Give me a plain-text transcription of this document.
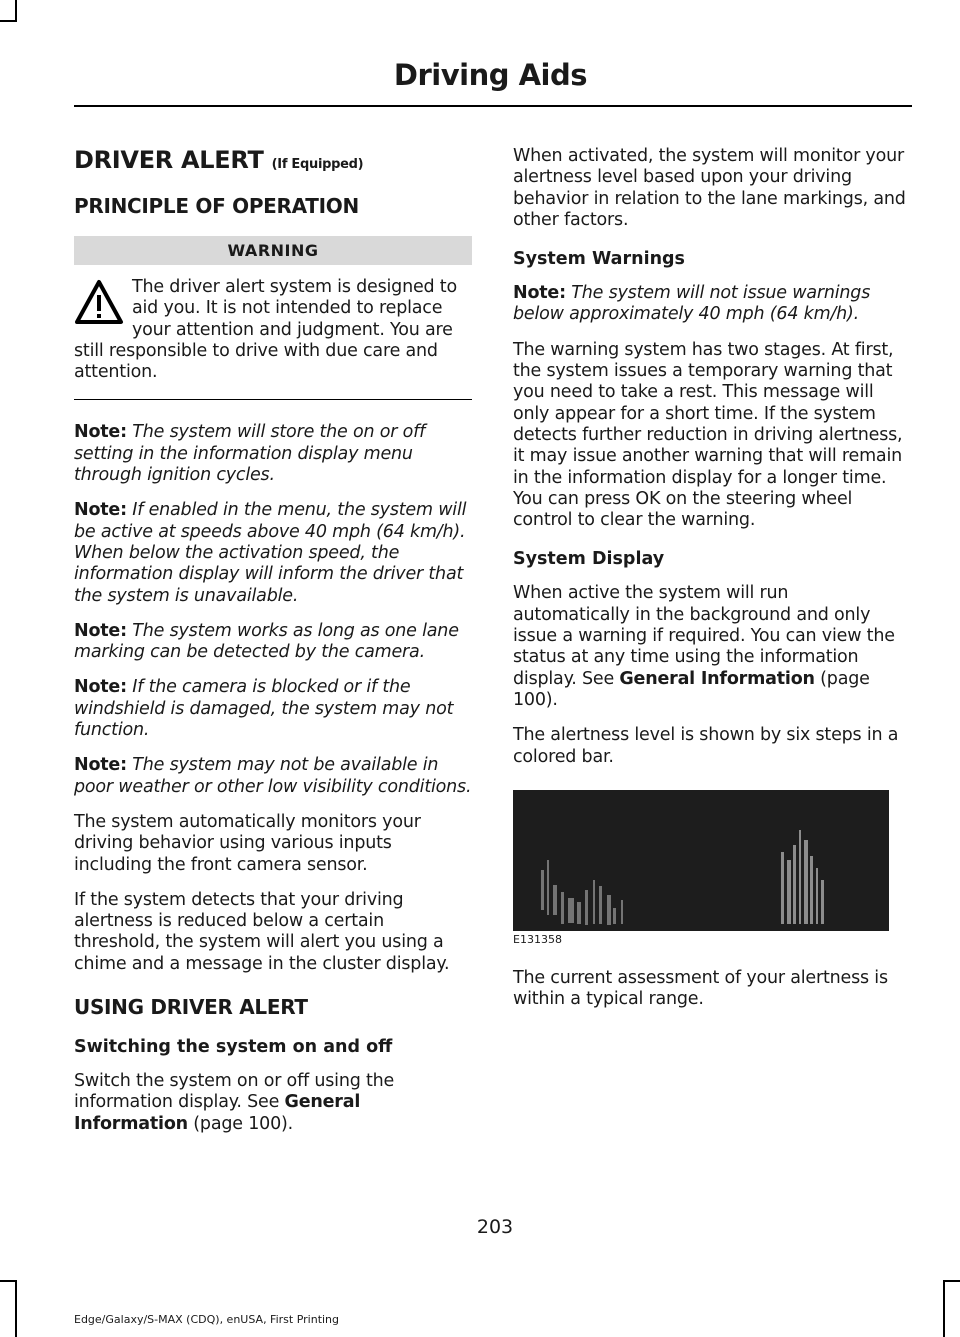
Driving Aids
DRIVER ALERT (If Equipped)
PRINCIPLE OF OPERATION
WARNING
The driver alert system is designed to aid you. It is not intended to replace your attention and judgment. You are still responsible to drive with due care and attention.

Note: The system will store the on or off setting in the information display menu through ignition cycles.

Note: If enabled in the menu, the system will be active at speeds above 40 mph (64 km/h). When below the activation speed, the information display will inform the driver that the system is unavailable.

Note: The system works as long as one lane marking can be detected by the camera.

Note: If the camera is blocked or if the windshield is damaged, the system may not function.

Note: The system may not be available in poor weather or other low visibility conditions.

The system automatically monitors your driving behavior using various inputs including the front camera sensor.

If the system detects that your driving alertness is reduced below a certain threshold, the system will alert you using a chime and a message in the cluster display.

USING DRIVER ALERT
Switching the system on and off

Switch the system on or off using the information display. See General Information (page 100).

When activated, the system will monitor your alertness level based upon your driving behavior in relation to the lane markings, and other factors.

System Warnings

Note: The system will not issue warnings below approximately 40 mph (64 km/h).

The warning system has two stages. At first, the system issues a temporary warning that you need to take a rest. This message will only appear for a short time. If the system detects further reduction in driving alertness, it may issue another warning that will remain in the information display for a longer time. You can press OK on the steering wheel control to clear the warning.

System Display

When active the system will run automatically in the background and only issue a warning if required. You can view the status at any time using the information display. See General Information (page 100).

The alertness level is shown by six steps in a colored bar.

E131358

The current assessment of your alertness is within a typical range.

203
Edge/Galaxy/S-MAX (CDQ), enUSA, First Printing
